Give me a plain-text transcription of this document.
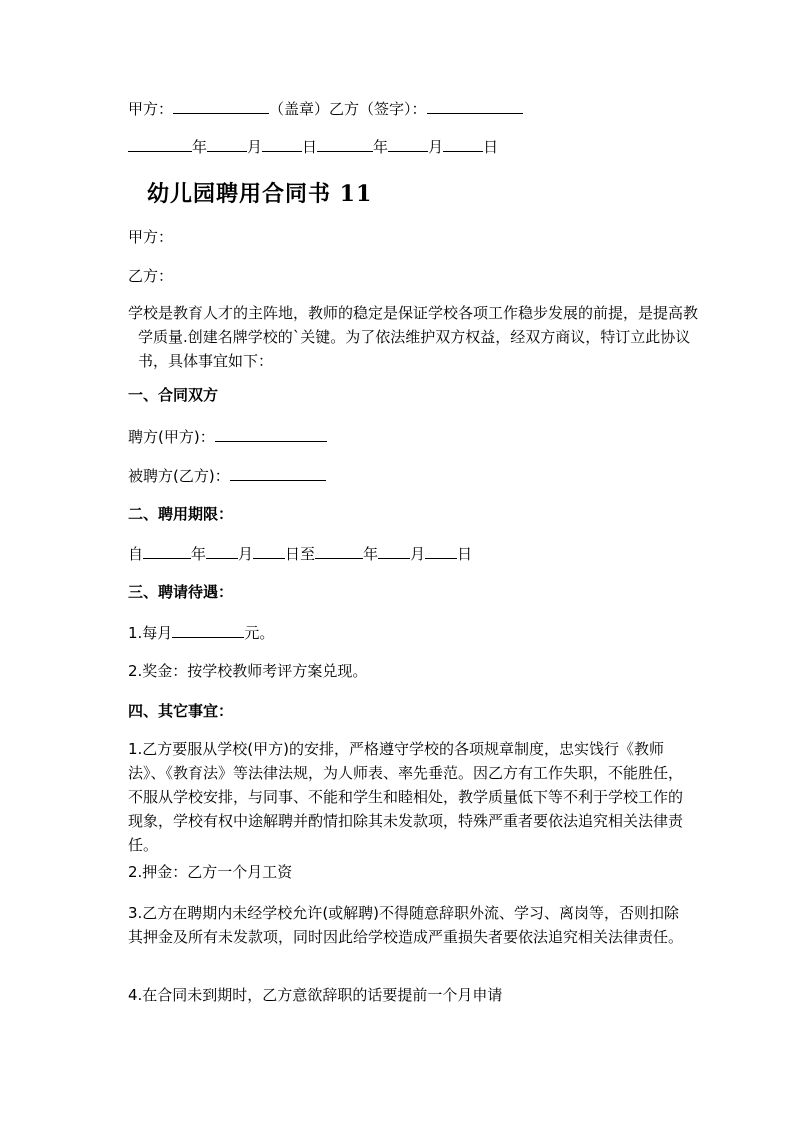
甲方：	（盖章）乙方（签字）：
年	月	日	年	月	日
幼儿园聘用合同书 11
甲方：
乙方：
学校是教育人才的主阵地，教师的稳定是保证学校各项工作稳步发展的前提，是提高教学质量.创建名牌学校的`关键。为了依法维护双方权益，经双方商议，特订立此协议书，具体事宜如下：
一、合同双方
聘方(甲方)：
被聘方(乙方)：
二、聘用期限：
自	年 月 日至	年 月 日
三、聘请待遇：
1.每月	元。
2.奖金：按学校教师考评方案兑现。
四、其它事宜：
1.乙方要服从学校(甲方)的安排，严格遵守学校的各项规章制度，忠实饯行《教师法》、《教育法》等法律法规，为人师表、率先垂范。因乙方有工作失职，不能胜任，不服从学校安排，与同事、不能和学生和睦相处，教学质量低下等不利于学校工作的现象，学校有权中途解聘并酌情扣除其未发款项，特殊严重者要依法追究相关法律责任。
2.押金：乙方一个月工资
3.乙方在聘期内未经学校允许(或解聘)不得随意辞职外流、学习、离岗等，否则扣除其押金及所有未发款项，同时因此给学校造成严重损失者要依法追究相关法律责任。
4.在合同未到期时，乙方意欲辞职的话要提前一个月申请
